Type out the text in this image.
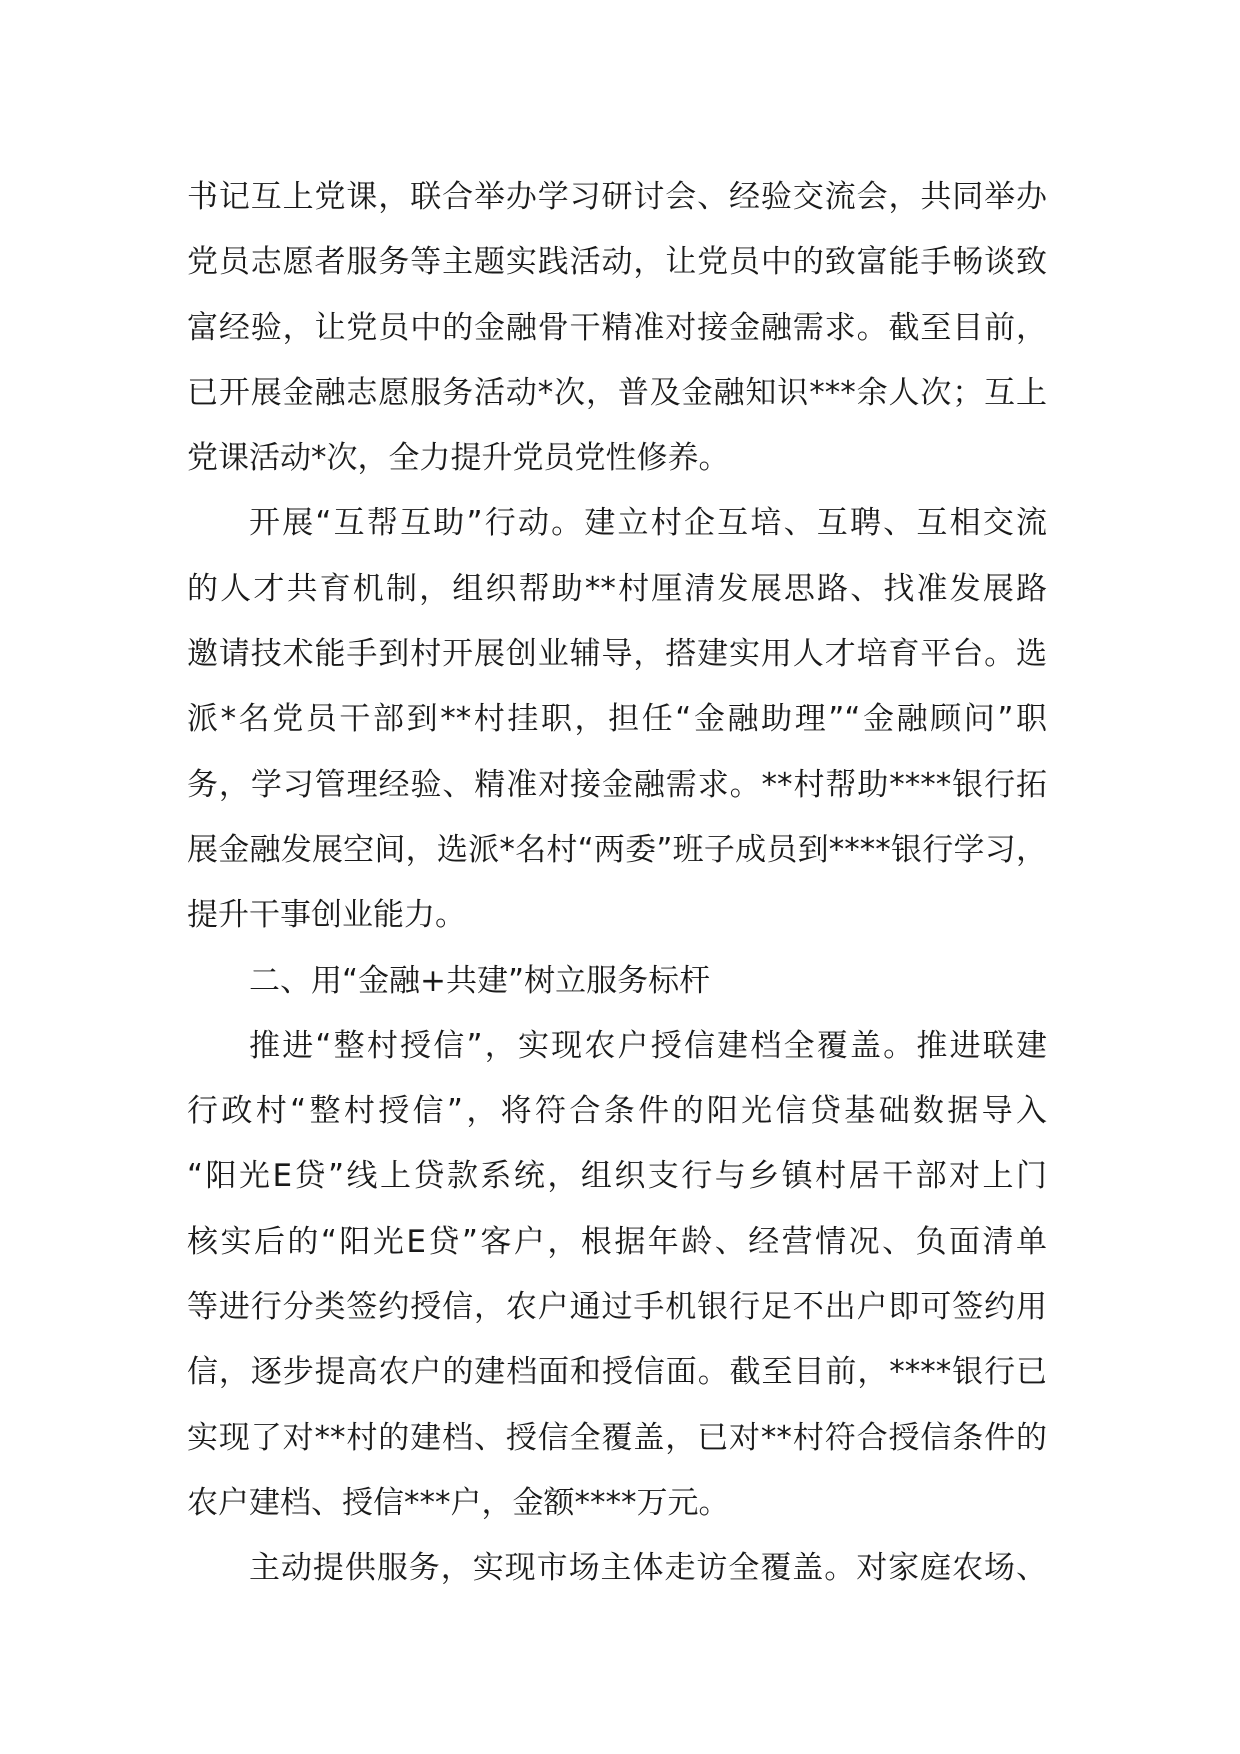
书记互上党课，联合举办学习研讨会、经验交流会，共同举办
党员志愿者服务等主题实践活动，让党员中的致富能手畅谈致
富经验，让党员中的金融骨干精准对接金融需求。截至目前，
已开展金融志愿服务活动*次，普及金融知识***余人次；互上
党课活动*次，全力提升党员党性修养。
开展“互帮互助”行动。建立村企互培、互聘、互相交流
的人才共育机制，组织帮助**村厘清发展思路、找准发展路
邀请技术能手到村开展创业辅导，搭建实用人才培育平台。选
派*名党员干部到**村挂职，担任“金融助理”“金融顾问”职
务，学习管理经验、精准对接金融需求。**村帮助****银行拓
展金融发展空间，选派*名村“两委”班子成员到****银行学习，
提升干事创业能力。
二、用“金融+共建”树立服务标杆
推进“整村授信”，实现农户授信建档全覆盖。推进联建
行政村“整村授信”，将符合条件的阳光信贷基础数据导入
“阳光E贷”线上贷款系统，组织支行与乡镇村居干部对上门
核实后的“阳光E贷”客户，根据年龄、经营情况、负面清单
等进行分类签约授信，农户通过手机银行足不出户即可签约用
信，逐步提高农户的建档面和授信面。截至目前，****银行已
实现了对**村的建档、授信全覆盖，已对**村符合授信条件的
农户建档、授信***户，金额****万元。
主动提供服务，实现市场主体走访全覆盖。对家庭农场、
